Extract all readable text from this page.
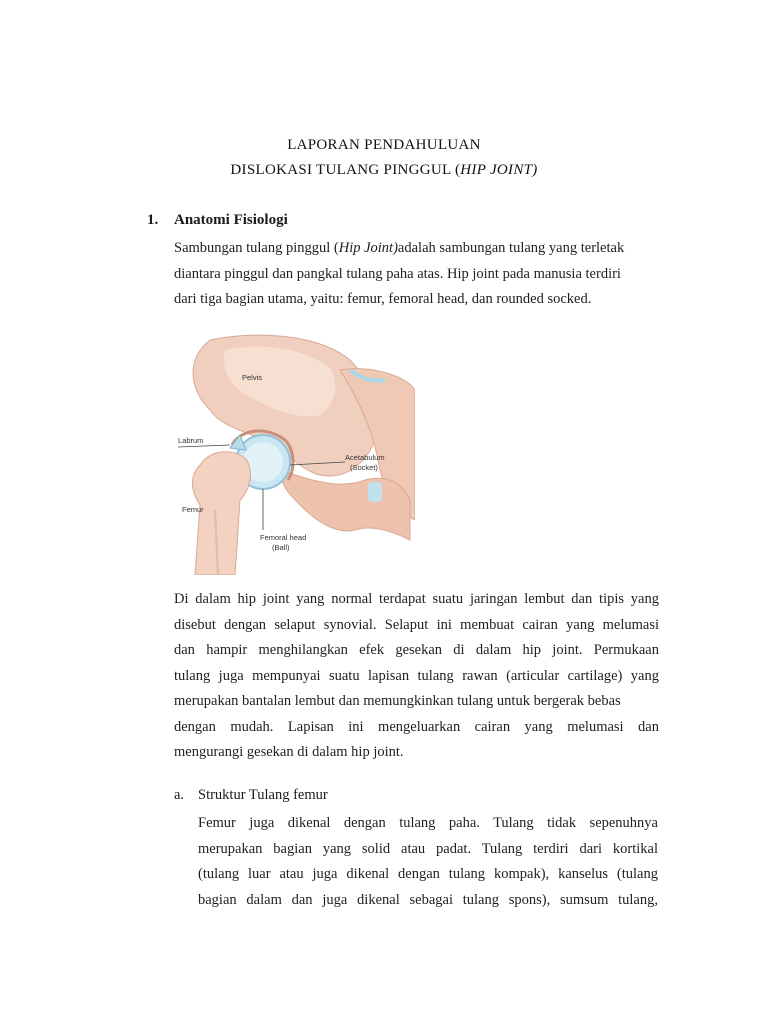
LAPORAN PENDAHULUAN
DISLOKASI TULANG PINGGUL (HIP JOINT)
1. Anatomi Fisiologi
Sambungan tulang pinggul (Hip Joint)adalah sambungan tulang yang terletak
diantara pinggul dan pangkal tulang paha atas. Hip joint pada manusia terdiri
dari tiga bagian utama, yaitu: femur, femoral head, dan rounded socked.
Pelvis
Labrum
Acetabulum
(Socket)
Femur
Femoral head
(Ball)
Di dalam hip joint yang normal terdapat suatu jaringan lembut dan tipis yang
disebut dengan selaput synovial. Selaput ini membuat cairan yang melumasi
dan hampir menghilangkan efek gesekan di dalam hip joint. Permukaan
tulang juga mempunyai suatu lapisan tulang rawan (articular cartilage) yang
merupakan bantalan lembut dan memungkinkan tulang untuk bergerak bebas
dengan mudah. Lapisan ini mengeluarkan cairan yang melumasi dan
mengurangi gesekan di dalam hip joint.
a. Struktur Tulang femur
Femur juga dikenal dengan tulang paha. Tulang tidak sepenuhnya
merupakan bagian yang solid atau padat. Tulang terdiri dari kortikal
(tulang luar atau juga dikenal dengan tulang kompak), kanselus (tulang
bagian dalam dan juga dikenal sebagai tulang spons), sumsum tulang,
